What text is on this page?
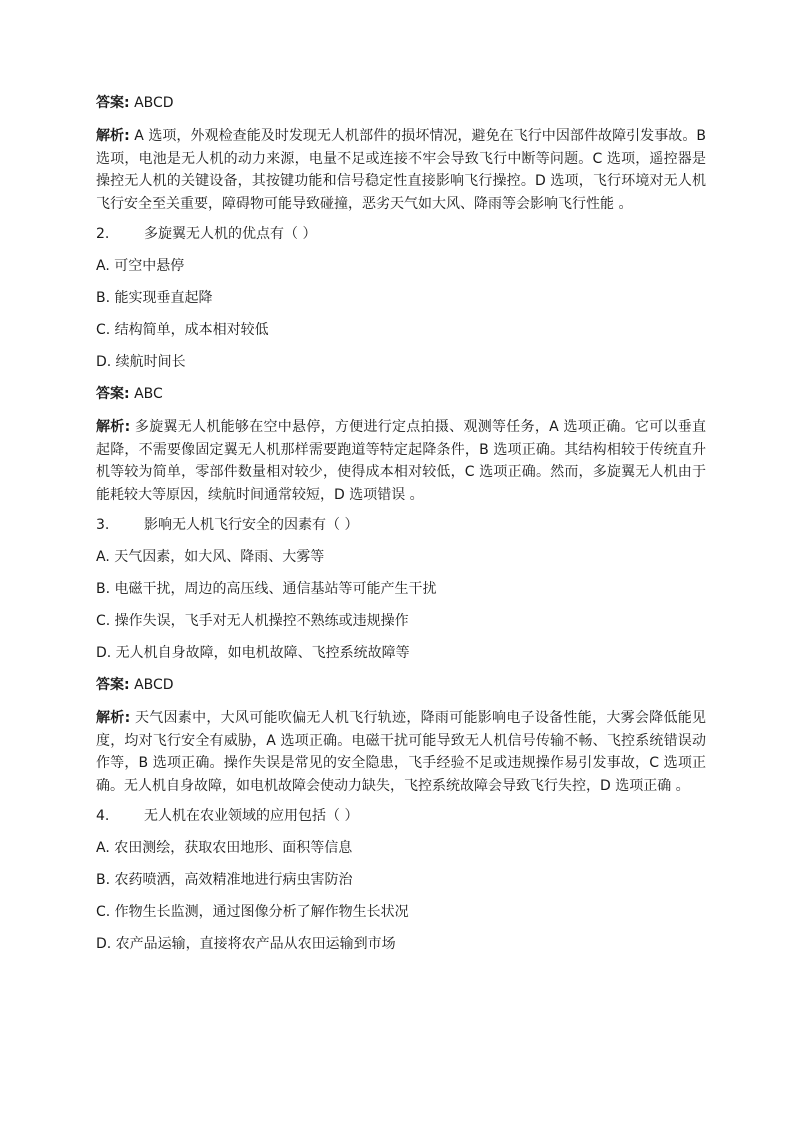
答案: ABCD
解析: A 选项，外观检查能及时发现无人机部件的损坏情况，避免在飞行中因部件故障引发事故。B 选项，电池是无人机的动力来源，电量不足或连接不牢会导致飞行中断等问题。C 选项，遥控器是操控无人机的关键设备，其按键功能和信号稳定性直接影响飞行操控。D 选项，飞行环境对无人机飞行安全至关重要，障碍物可能导致碰撞，恶劣天气如大风、降雨等会影响飞行性能 。
2. 多旋翼无人机的优点有（ ）
A. 可空中悬停
B. 能实现垂直起降
C. 结构简单，成本相对较低
D. 续航时间长
答案: ABC
解析: 多旋翼无人机能够在空中悬停，方便进行定点拍摄、观测等任务，A 选项正确。它可以垂直起降，不需要像固定翼无人机那样需要跑道等特定起降条件，B 选项正确。其结构相较于传统直升机等较为简单，零部件数量相对较少，使得成本相对较低，C 选项正确。然而，多旋翼无人机由于能耗较大等原因，续航时间通常较短，D 选项错误 。
3. 影响无人机飞行安全的因素有（ ）
A. 天气因素，如大风、降雨、大雾等
B. 电磁干扰，周边的高压线、通信基站等可能产生干扰
C. 操作失误，飞手对无人机操控不熟练或违规操作
D. 无人机自身故障，如电机故障、飞控系统故障等
答案: ABCD
解析: 天气因素中，大风可能吹偏无人机飞行轨迹，降雨可能影响电子设备性能，大雾会降低能见度，均对飞行安全有威胁，A 选项正确。电磁干扰可能导致无人机信号传输不畅、飞控系统错误动作等，B 选项正确。操作失误是常见的安全隐患，飞手经验不足或违规操作易引发事故，C 选项正确。无人机自身故障，如电机故障会使动力缺失，飞控系统故障会导致飞行失控，D 选项正确 。
4. 无人机在农业领域的应用包括（ ）
A. 农田测绘，获取农田地形、面积等信息
B. 农药喷洒，高效精准地进行病虫害防治
C. 作物生长监测，通过图像分析了解作物生长状况
D. 农产品运输，直接将农产品从农田运输到市场
